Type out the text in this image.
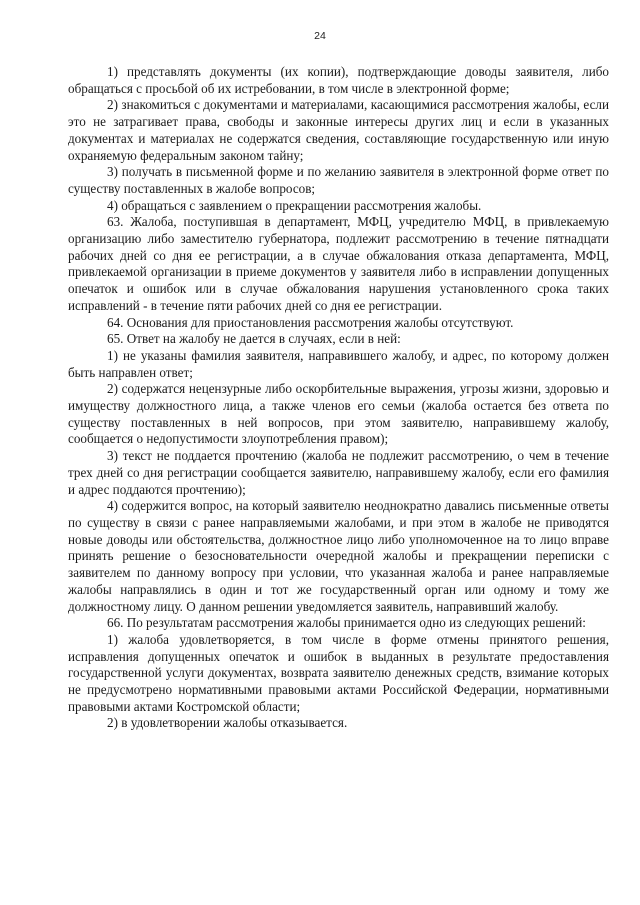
24

1) представлять документы (их копии), подтверждающие доводы заявителя, либо обращаться с просьбой об их истребовании, в том числе в электронной форме;

2) знакомиться с документами и материалами, касающимися рассмотрения жалобы, если это не затрагивает права, свободы и законные интересы других лиц и если в указанных документах и материалах не содержатся сведения, составляющие государственную или иную охраняемую федеральным законом тайну;

3) получать в письменной форме и по желанию заявителя в электронной форме ответ по существу поставленных в жалобе вопросов;

4) обращаться с заявлением о прекращении рассмотрения жалобы.

63. Жалоба, поступившая в департамент, МФЦ, учредителю МФЦ, в привлекаемую организацию либо заместителю губернатора, подлежит рассмотрению в течение пятнадцати рабочих дней со дня ее регистрации, а в случае обжалования отказа департамента, МФЦ, привлекаемой организации в приеме документов у заявителя либо в исправлении допущенных опечаток и ошибок или в случае обжалования нарушения установленного срока таких исправлений - в течение пяти рабочих дней со дня ее регистрации.

64. Основания для приостановления рассмотрения жалобы отсутствуют.

65. Ответ на жалобу не дается в случаях, если в ней:

1) не указаны фамилия заявителя, направившего жалобу, и адрес, по которому должен быть направлен ответ;

2) содержатся нецензурные либо оскорбительные выражения, угрозы жизни, здоровью и имуществу должностного лица, а также членов его семьи (жалоба остается без ответа по существу поставленных в ней вопросов, при этом заявителю, направившему жалобу, сообщается о недопустимости злоупотребления правом);

3) текст не поддается прочтению (жалоба не подлежит рассмотрению, о чем в течение трех дней со дня регистрации сообщается заявителю, направившему жалобу, если его фамилия и адрес поддаются прочтению);

4) содержится вопрос, на который заявителю неоднократно давались письменные ответы по существу в связи с ранее направляемыми жалобами, и при этом в жалобе не приводятся новые доводы или обстоятельства, должностное лицо либо уполномоченное на то лицо вправе принять решение о безосновательности очередной жалобы и прекращении переписки с заявителем по данному вопросу при условии, что указанная жалоба и ранее направляемые жалобы направлялись в один и тот же государственный орган или одному и тому же должностному лицу. О данном решении уведомляется заявитель, направивший жалобу.

66. По результатам рассмотрения жалобы принимается одно из следующих решений:

1) жалоба удовлетворяется, в том числе в форме отмены принятого решения, исправления допущенных опечаток и ошибок в выданных в результате предоставления государственной услуги документах, возврата заявителю денежных средств, взимание которых не предусмотрено нормативными правовыми актами Российской Федерации, нормативными правовыми актами Костромской области;

2) в удовлетворении жалобы отказывается.
